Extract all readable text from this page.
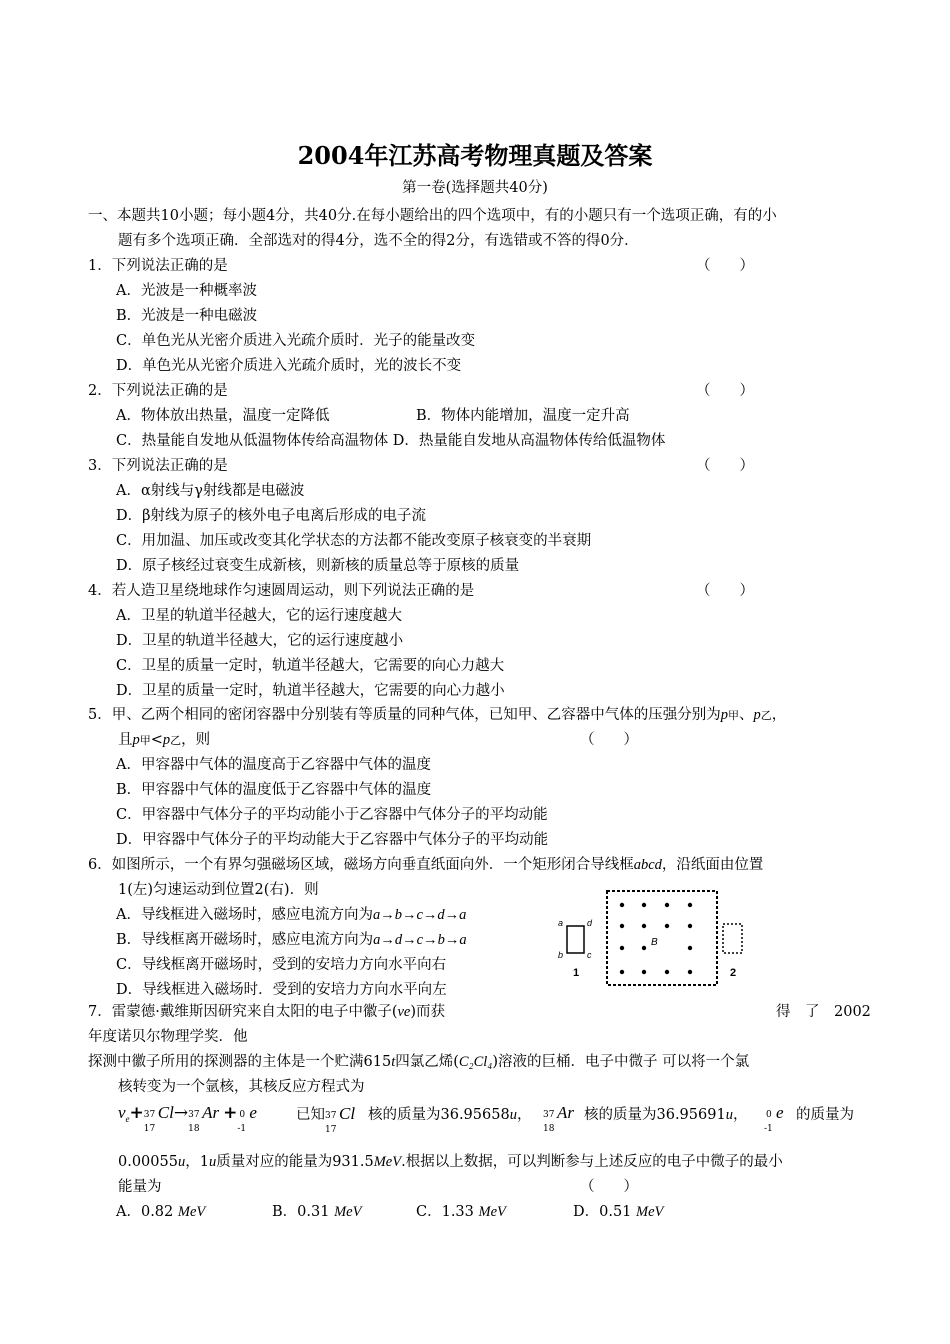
2004年江苏高考物理真题及答案
第一卷(选择题共40分)
一、本题共10小题；每小题4分，共40分.在每小题给出的四个选项中，有的小题只有一个选项正确，有的小
题有多个选项正确．全部选对的得4分，选不全的得2分，有选错或不答的得0分．
1．下列说法正确的是	（　　）
A．光波是一种概率波
B．光波是一种电磁波
C．单色光从光密介质进入光疏介质时．光子的能量改变
D．单色光从光密介质进入光疏介质时，光的波长不变
2．下列说法正确的是	（　　）
A．物体放出热量，温度一定降低	B．物体内能增加，温度一定升高
C．热量能自发地从低温物体传给高温物体 D．热量能自发地从高温物体传给低温物体
3．下列说法正确的是	（　　）
A．α射线与γ射线都是电磁波
D．β射线为原子的核外电子电离后形成的电子流
C．用加温、加压或改变其化学状态的方法都不能改变原子核衰变的半衰期
D．原子核经过衰变生成新核，则新核的质量总等于原核的质量
4．若人造卫星绕地球作匀速圆周运动，则下列说法正确的是	（　　）
A．卫星的轨道半径越大，它的运行速度越大
D．卫星的轨道半径越大，它的运行速度越小
C．卫星的质量一定时，轨道半径越大，它需要的向心力越大
D．卫星的质量一定时，轨道半径越大，它需要的向心力越小
5．甲、乙两个相同的密闭容器中分别装有等质量的同种气体，已知甲、乙容器中气体的压强分别为p甲、p乙，
且p甲<p乙，则	（　　）
A．甲容器中气体的温度高于乙容器中气体的温度
B．甲容器中气体的温度低于乙容器中气体的温度
C．甲容器中气体分子的平均动能小于乙容器中气体分子的平均动能
D．甲容器中气体分子的平均动能大于乙容器中气体分子的平均动能
6．如图所示，一个有界匀强磁场区域，磁场方向垂直纸面向外．一个矩形闭合导线框abcd，沿纸面由位置
1(左)匀速运动到位置2(右)．则
A．导线框进入磁场时，感应电流方向为a→b→c→d→a
B．导线框离开磁场时，感应电流方向为a→d→c→b→a
C．导线框离开磁场时，受到的安培力方向水平向右
D．导线框进入磁场时．受到的安培力方向水平向左
a	d
b	c
B
1	2
7．雷蒙德·戴维斯因研究来自太阳的电子中徽子(ve)而获	得　了　2002
年度诺贝尔物理学奖．他
探测中徽子所用的探测器的主体是一个贮满615t四氯乙烯(C₂Cl₄)溶液的巨桶．电子中微子 可以将一个氯
核转变为一个氩核，其核反应方程式为
$v_e+ 37$
17
Cl→ 37
18
Ar + 0
-1
e	已知 37
17
Cl 核的质量为36.95658u， 37
18
Ar 核的质量为36.95691u， 0
-1
e 的质量为
0.00055u，1u质量对应的能量为931.5MeV.根据以上数据，可以判断参与上述反应的电子中微子的最小
能量为	（　　）
A．0.82 MeV	B．0.31 MeV	C．1.33 MeV	D．0.51 MeV
